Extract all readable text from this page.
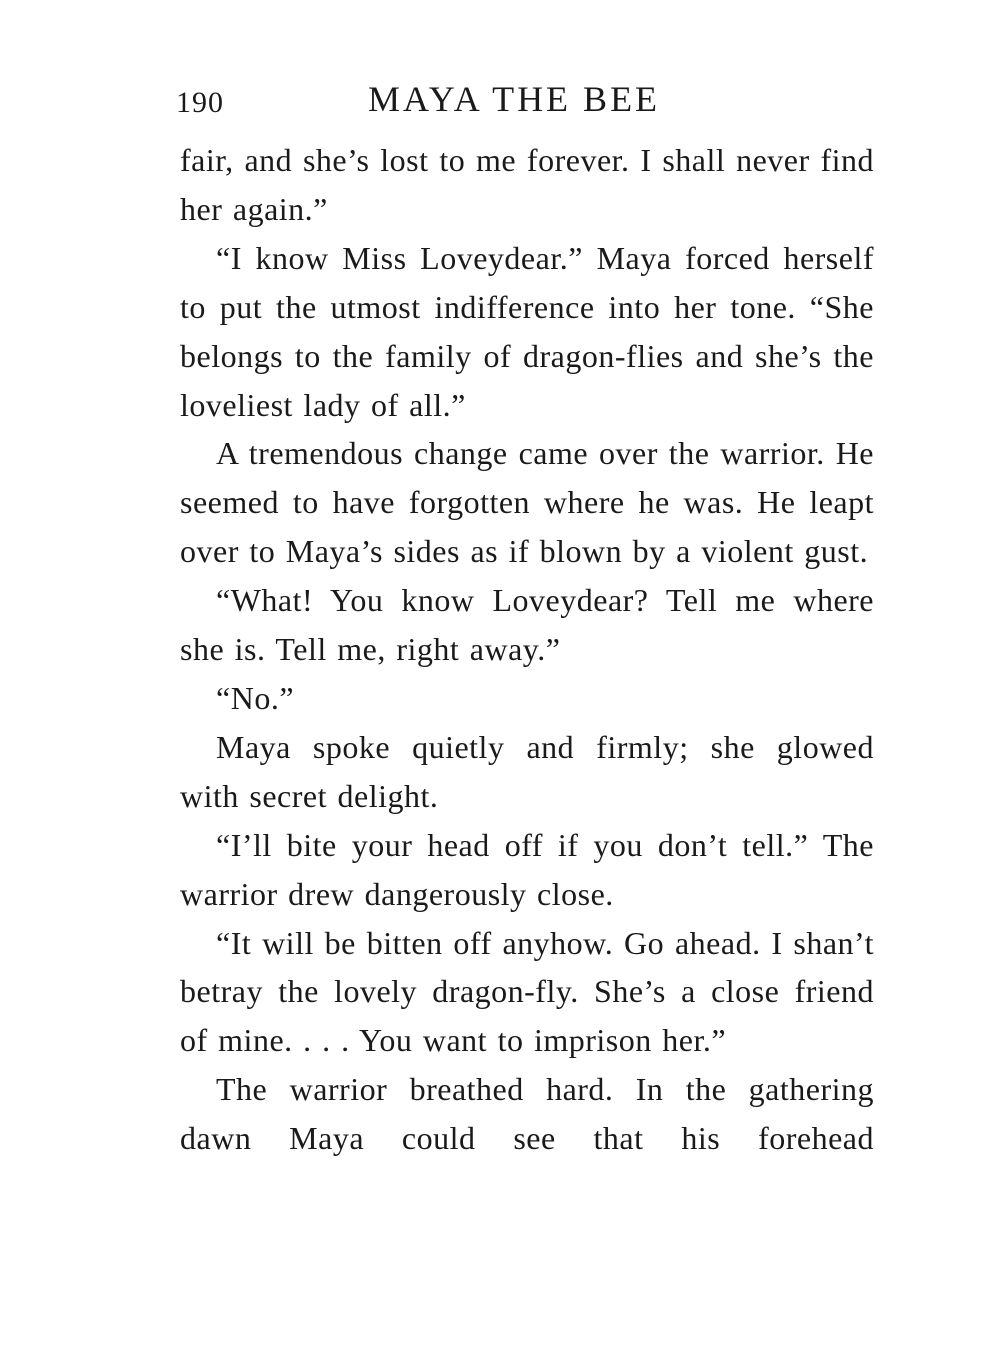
190	MAYA THE BEE

fair, and she’s lost to me forever. I shall never find her again.”

“I know Miss Loveydear.” Maya forced herself to put the utmost indifference into her tone. “She belongs to the family of dragon-flies and she’s the loveliest lady of all.”

A tremendous change came over the warrior. He seemed to have forgotten where he was. He leapt over to Maya’s sides as if blown by a violent gust.

“What! You know Loveydear? Tell me where she is. Tell me, right away.”

“No.”

Maya spoke quietly and firmly; she glowed with secret delight.

“I’ll bite your head off if you don’t tell.” The warrior drew dangerously close.

“It will be bitten off anyhow. Go ahead. I shan’t betray the lovely dragon-fly. She’s a close friend of mine. . . . You want to imprison her.”

The warrior breathed hard. In the gathering dawn Maya could see that his forehead
